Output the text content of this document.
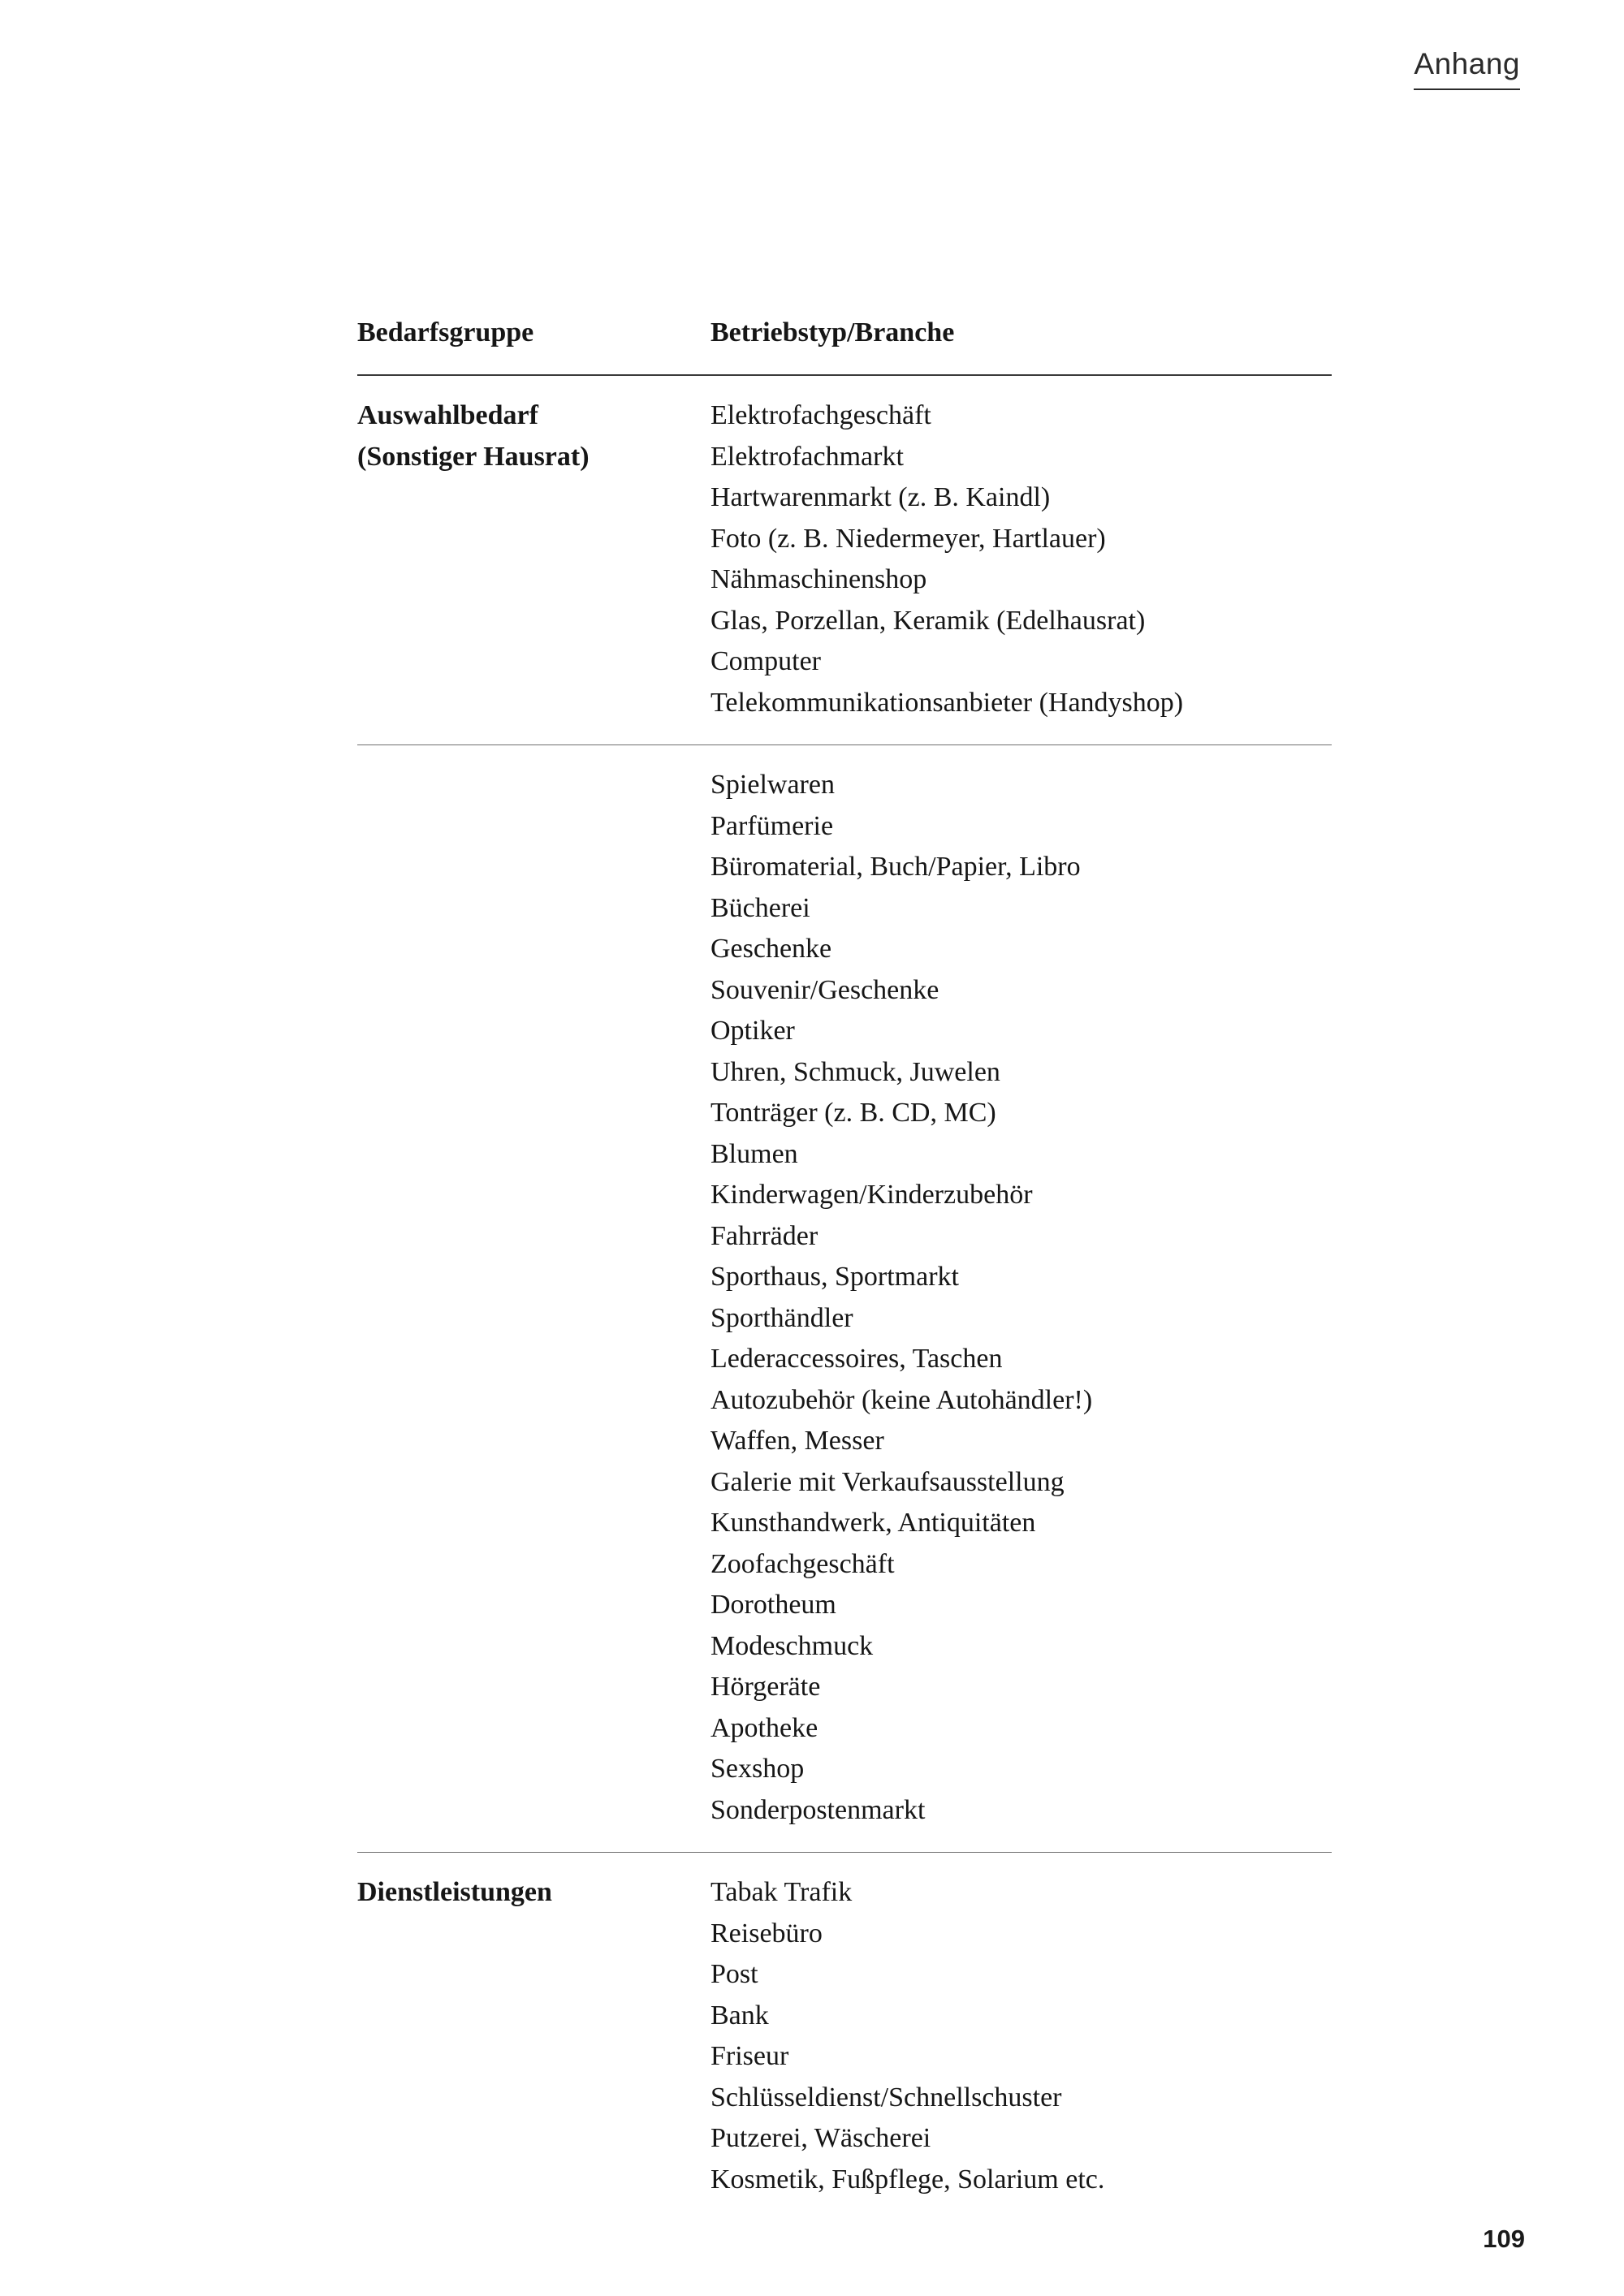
Anhang
Bedarfsgruppe	Betriebstyp/Branche
Auswahlbedarf
(Sonstiger Hausrat)
Elektrofachgeschäft
Elektrofachmarkt
Hartwarenmarkt (z. B. Kaindl)
Foto (z. B. Niedermeyer, Hartlauer)
Nähmaschinenshop
Glas, Porzellan, Keramik (Edelhausrat)
Computer
Telekommunikationsanbieter (Handyshop)
Spielwaren
Parfümerie
Büromaterial, Buch/Papier, Libro
Bücherei
Geschenke
Souvenir/Geschenke
Optiker
Uhren, Schmuck, Juwelen
Tonträger (z. B. CD, MC)
Blumen
Kinderwagen/Kinderzubehör
Fahrräder
Sporthaus, Sportmarkt
Sporthändler
Lederaccessoires, Taschen
Autozubehör (keine Autohändler!)
Waffen, Messer
Galerie mit Verkaufsausstellung
Kunsthandwerk, Antiquitäten
Zoofachgeschäft
Dorotheum
Modeschmuck
Hörgeräte
Apotheke
Sexshop
Sonderpostenmarkt
Dienstleistungen	Tabak Trafik
Reisebüro
Post
Bank
Friseur
Schlüsseldienst/Schnellschuster
Putzerei, Wäscherei
Kosmetik, Fußpflege, Solarium etc.
109
